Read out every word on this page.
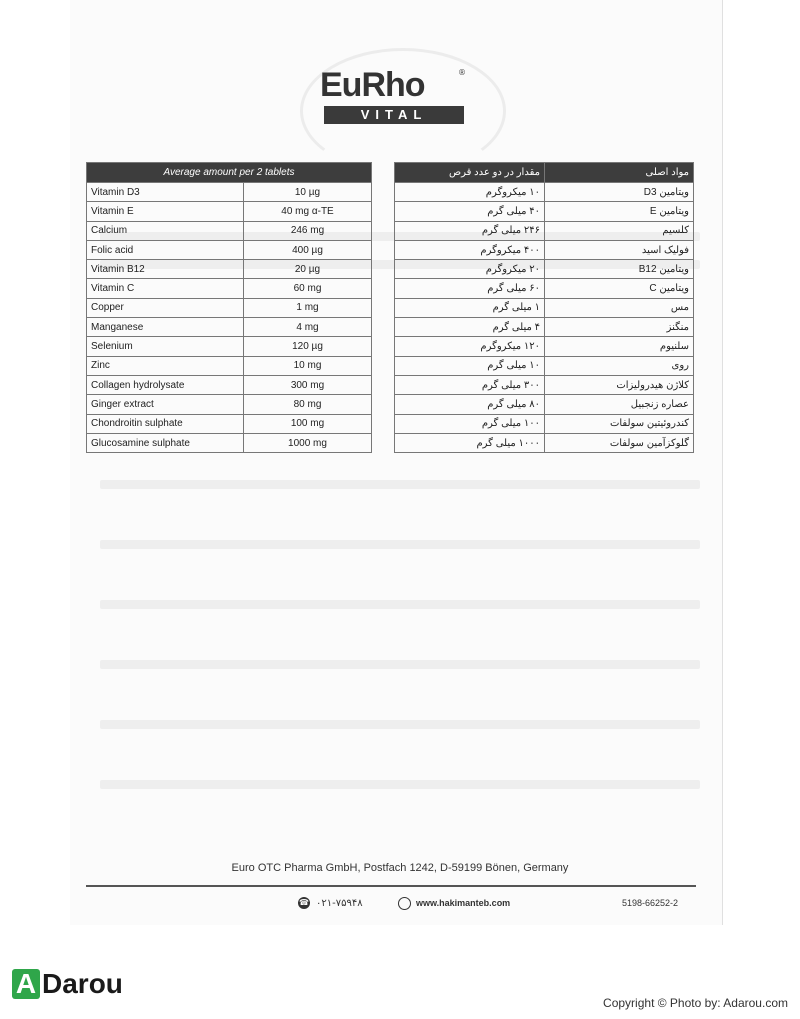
EuRho	®
VITAL
Average amount per 2 tablets	
Vitamin D3	10 µg
Vitamin E	40 mg α-TE
Calcium	246 mg
Folic acid	400 µg
Vitamin B12	20 µg
Vitamin C	60 mg
Copper	1 mg
Manganese	4 mg
Selenium	120 µg
Zinc	10 mg
Collagen hydrolysate	300 mg
Ginger extract	80 mg
Chondroitin sulphate	100 mg
Glucosamine sulphate	1000 mg
مواد اصلی	مقدار در دو عدد قرص
ویتامین D3	۱۰ میکروگرم
ویتامین E	۴۰ میلی گرم
کلسیم	۲۴۶ میلی گرم
فولیک اسید	۴۰۰ میکروگرم
ویتامین B12	۲۰ میکروگرم
ویتامین C	۶۰ میلی گرم
مس	۱ میلی گرم
منگنز	۴ میلی گرم
سلنیوم	۱۲۰ میکروگرم
روی	۱۰ میلی گرم
کلاژن هیدرولیزات	۳۰۰ میلی گرم
عصاره زنجبیل	۸۰ میلی گرم
کندروئیتین سولفات	۱۰۰ میلی گرم
گلوکزآمین سولفات	۱۰۰۰ میلی گرم
Euro OTC Pharma GmbH, Postfach 1242, D-59199 Bönen, Germany
☎ ۰۲۱-۷۵۹۴۸	www.hakimanteb.com	5198-66252-2
A Darou
Copyright © Photo by: Adarou.com
